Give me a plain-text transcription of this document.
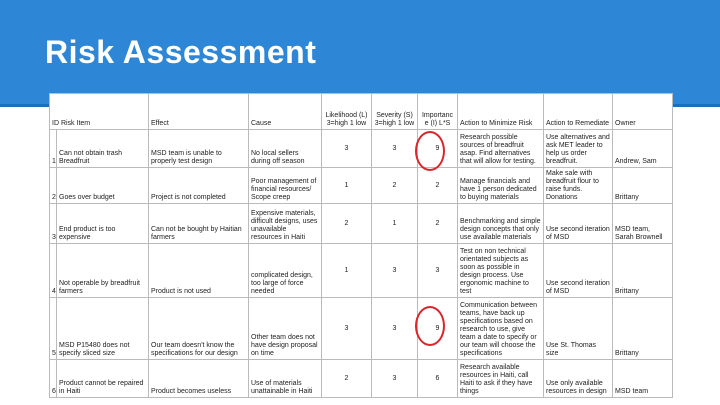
Risk Assessment
ID Risk Item		Effect	Cause	Likelihood (L) 3=high 1 low	Severity (S) 3=high 1 low	Importanc e (I) L*S	Action to Minimize Risk	Action to Remediate	Owner
1	Can not obtain trash Breadfruit	MSD team is unable to properly test design	No local sellers during off season	3	3	9	Research possible sources of breadfruit asap. Find alternatives that will allow for testing.	Use alternatives and ask MET leader to help us order breadfruit.	Andrew, Sam
2	Goes over budget	Project is not completed	Poor management of financial resources/ Scope creep	1	2	2	Manage financials and have 1 person dedicated to buying materials	Make sale with breadfruit flour to raise funds. Donations	Brittany
3	End product is too expensive	Can not be bought by Haitian farmers	Expensive materials, difficult designs, uses unavailable resources in Haiti	2	1	2	Benchmarking and simple design concepts that only use available materials	Use second iteration of MSD	MSD team, Sarah Brownell
4	Not operable by breadfruit farmers	Product is not used	complicated design, too large of force needed	1	3	3	Test on non technical orientated subjects as soon as possible in design process. Use ergonomic machine to test	Use second iteration of MSD	Brittany
5	MSD P15480 does not specify sliced size	Our team doesn't know the specifications for our design	Other team does not have design proposal on time	3	3	9	Communication between teams, have back up specifications based on research to use, give team a date to specify or our team will choose the specifications	Use St. Thomas size	Brittany
6	Product cannot be repaired in Haiti	Product becomes useless	Use of materials unattainable in Haiti	2	3	6	Research available resources in Haiti, call Haiti to ask if they have things	Use only available resources in design	MSD team
